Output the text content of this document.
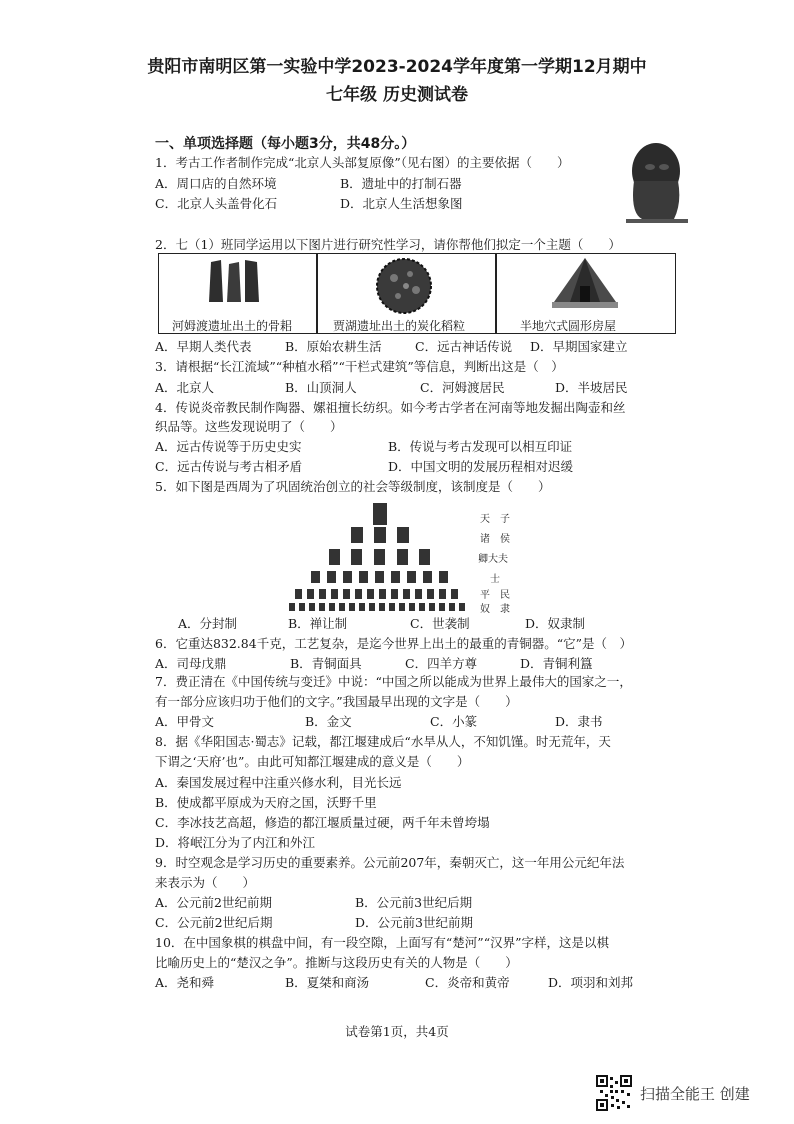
贵阳市南明区第一实验中学2023-2024学年度第一学期12月期中
七年级 历史测试卷
一、单项选择题（每小题3分，共48分。）
1．考古工作者制作完成“北京人头部复原像”（见右图）的主要依据（　　）
A．周口店的自然环境	B．遗址中的打制石器
C．北京人头盖骨化石	D．北京人生活想象图
2．七（1）班同学运用以下图片进行研究性学习，请你帮他们拟定一个主题（　　）
河姆渡遗址出土的骨耜	贾湖遗址出土的炭化稻粒	半地穴式圆形房屋
A．早期人类代表	B．原始农耕生活	C．远古神话传说 D．早期国家建立
3．请根据“长江流域”“种植水稻”“干栏式建筑”等信息，判断出这是（　）
A．北京人	B．山顶洞人	C．河姆渡居民	D．半坡居民
4．传说炎帝教民制作陶器、嫘祖擅长纺织。如今考古学者在河南等地发掘出陶壶和丝
织品等。这些发现说明了（　　）
A．远古传说等于历史史实	B．传说与考古发现可以相互印证
C．远古传说与考古相矛盾	D．中国文明的发展历程相对迟缓
5．如下图是西周为了巩固统治创立的社会等级制度，该制度是（　　）
天　子
诸　侯
卿大夫
士
平　民
奴　隶
A．分封制	B．禅让制	C．世袭制	D．奴隶制
6．它重达832.84千克，工艺复杂，是迄今世界上出土的最重的青铜器。“它”是（　）
A．司母戊鼎	B．青铜面具	C．四羊方尊	D．青铜利簋
7．费正清在《中国传统与变迁》中说：“中国之所以能成为世界上最伟大的国家之一，
有一部分应该归功于他们的文字。”我国最早出现的文字是（　　）
A．甲骨文	B．金文	C．小篆	D．隶书
8．据《华阳国志·蜀志》记载，都江堰建成后“水旱从人，不知饥馑。时无荒年，天
下谓之‘天府’也”。由此可知都江堰建成的意义是（　　）
A．秦国发展过程中注重兴修水利，目光长远
B．使成都平原成为天府之国，沃野千里
C．李冰技艺高超，修造的都江堰质量过硬，两千年未曾垮塌
D．将岷江分为了内江和外江
9．时空观念是学习历史的重要素养。公元前207年，秦朝灭亡，这一年用公元纪年法
来表示为（　　）
A．公元前2世纪前期	B．公元前3世纪后期
C．公元前2世纪后期	D．公元前3世纪前期
10．在中国象棋的棋盘中间，有一段空隙，上面写有“楚河”“汉界”字样，这是以棋
比喻历史上的“楚汉之争”。推断与这段历史有关的人物是（　　）
A．尧和舜	B．夏桀和商汤	C．炎帝和黄帝	D．项羽和刘邦
试卷第1页，共4页
扫描全能王 创建
